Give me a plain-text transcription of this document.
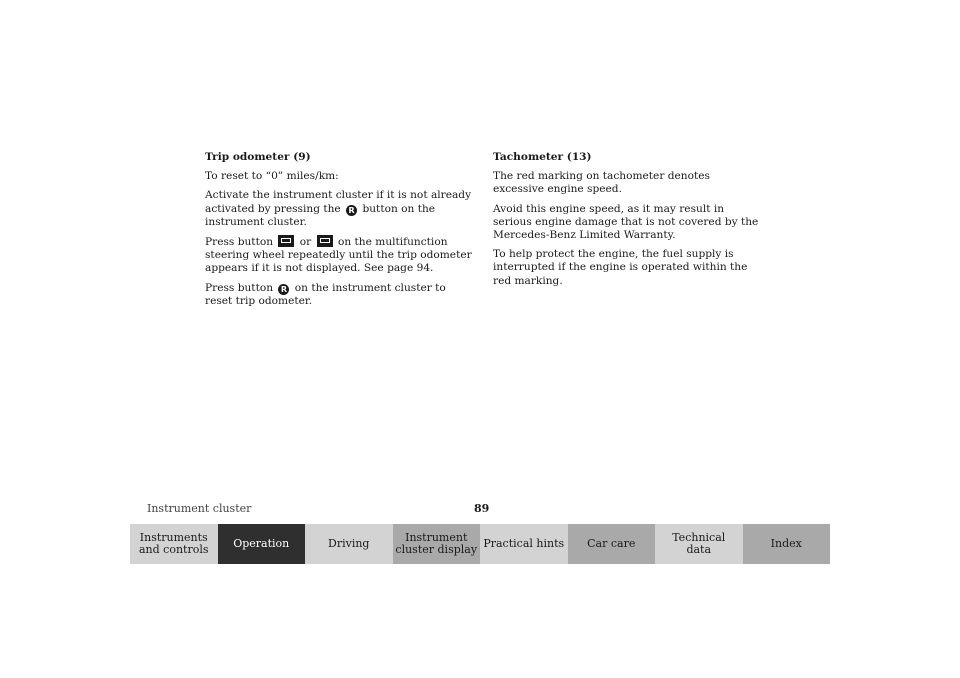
Trip odometer (9)

To reset to “0” miles/km:

Activate the instrument cluster if it is not already activated by pressing the R button on the instrument cluster.

Press button	or	on the multifunction steering wheel repeatedly until the trip odometer appears if it is not displayed. See page 94.

Press button R on the instrument cluster to reset trip odometer.

Tachometer (13)

The red marking on tachometer denotes excessive engine speed.

Avoid this engine speed, as it may result in serious engine damage that is not covered by the Mercedes-Benz Limited Warranty.

To help protect the engine, the fuel supply is interrupted if the engine is operated within the red marking.

Instrument cluster	89
Instruments
and controls	Operation	Driving	Instrument
cluster display Practical hints	Car care	Technical
data	Index
